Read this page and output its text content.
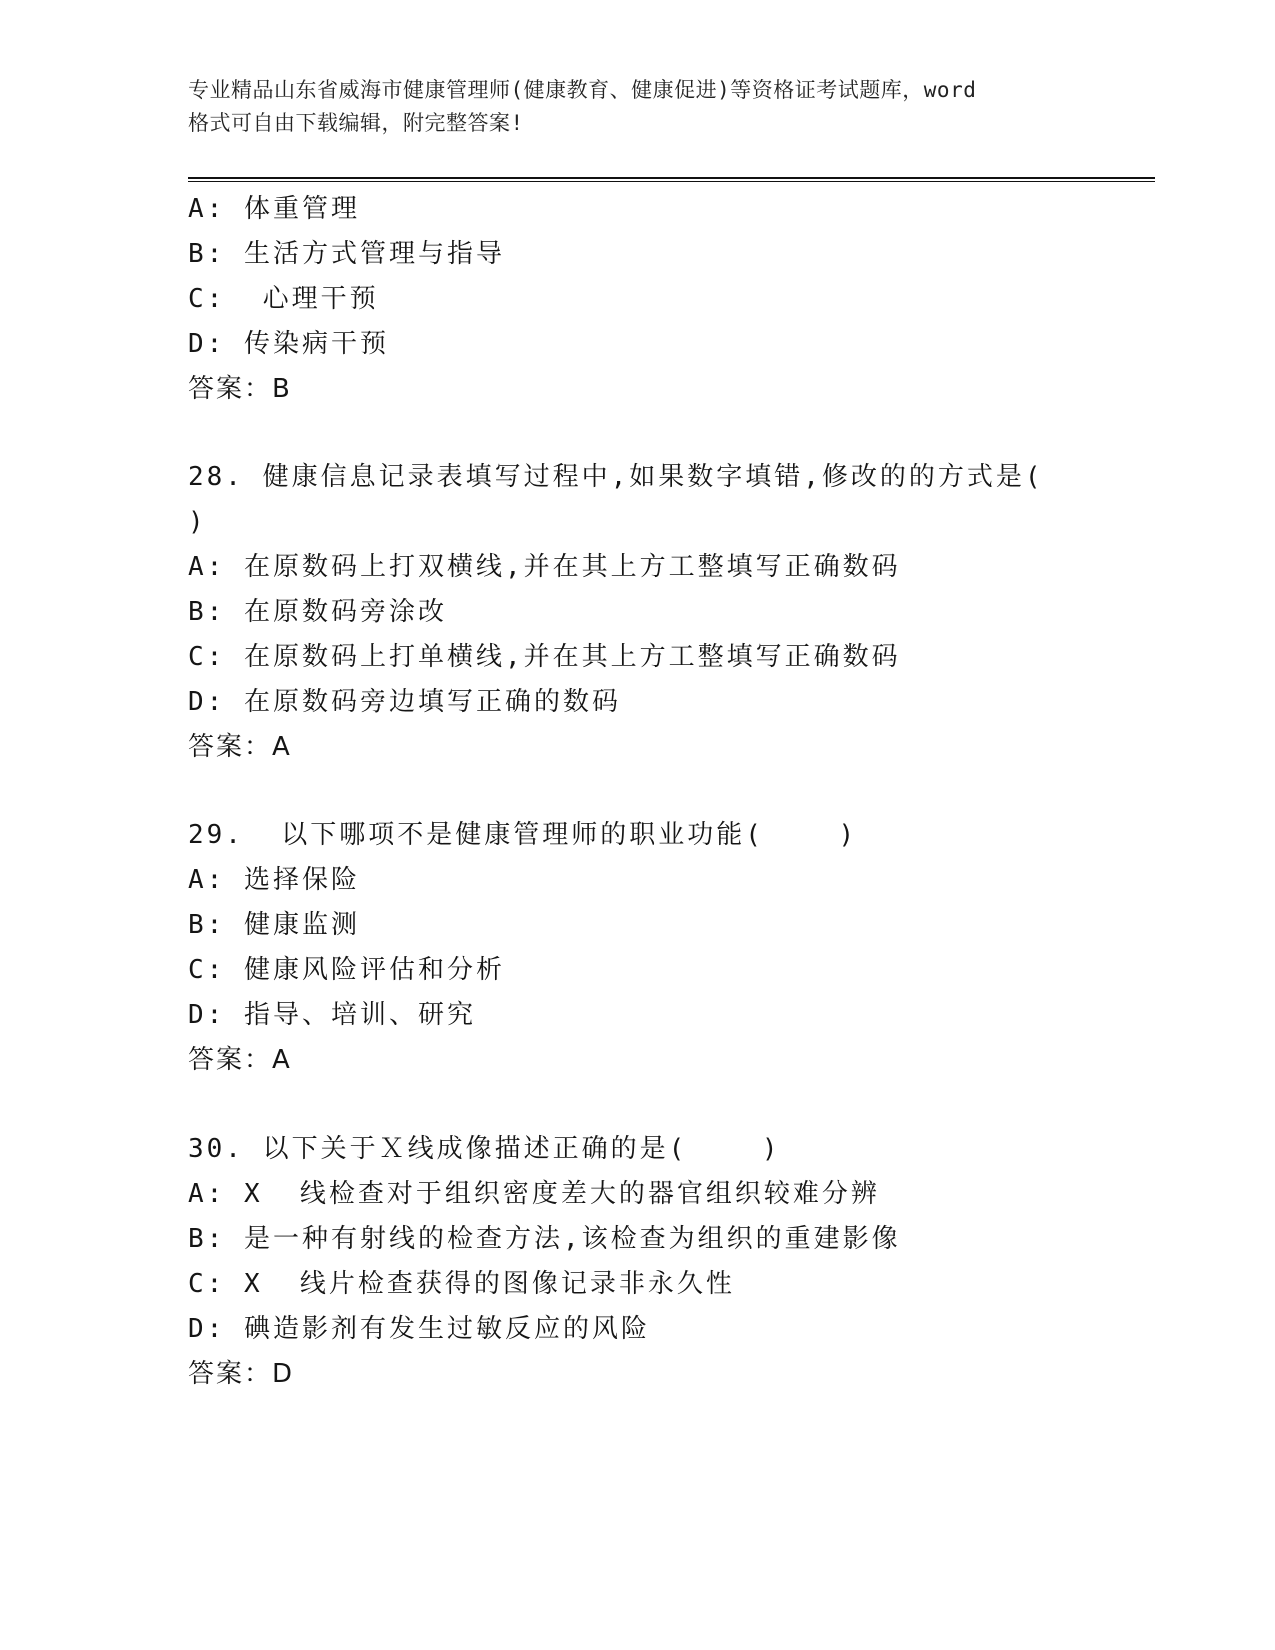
专业精品山东省威海市健康管理师(健康教育、健康促进)等资格证考试题库，word
格式可自由下载编辑，附完整答案!
A: 体重管理
B: 生活方式管理与指导
C:  心理干预
D: 传染病干预
答案：B
28. 健康信息记录表填写过程中,如果数字填错,修改的的方式是(
)
A: 在原数码上打双横线,并在其上方工整填写正确数码
B: 在原数码旁涂改
C: 在原数码上打单横线,并在其上方工整填写正确数码
D: 在原数码旁边填写正确的数码
答案：A
29.  以下哪项不是健康管理师的职业功能(    )
A: 选择保险
B: 健康监测
C: 健康风险评估和分析
D: 指导、培训、研究
答案：A
30. 以下关于Ｘ线成像描述正确的是(    )
A: X  线检查对于组织密度差大的器官组织较难分辨
B: 是一种有射线的检查方法,该检查为组织的重建影像
C: X  线片检查获得的图像记录非永久性
D: 碘造影剂有发生过敏反应的风险
答案：D
